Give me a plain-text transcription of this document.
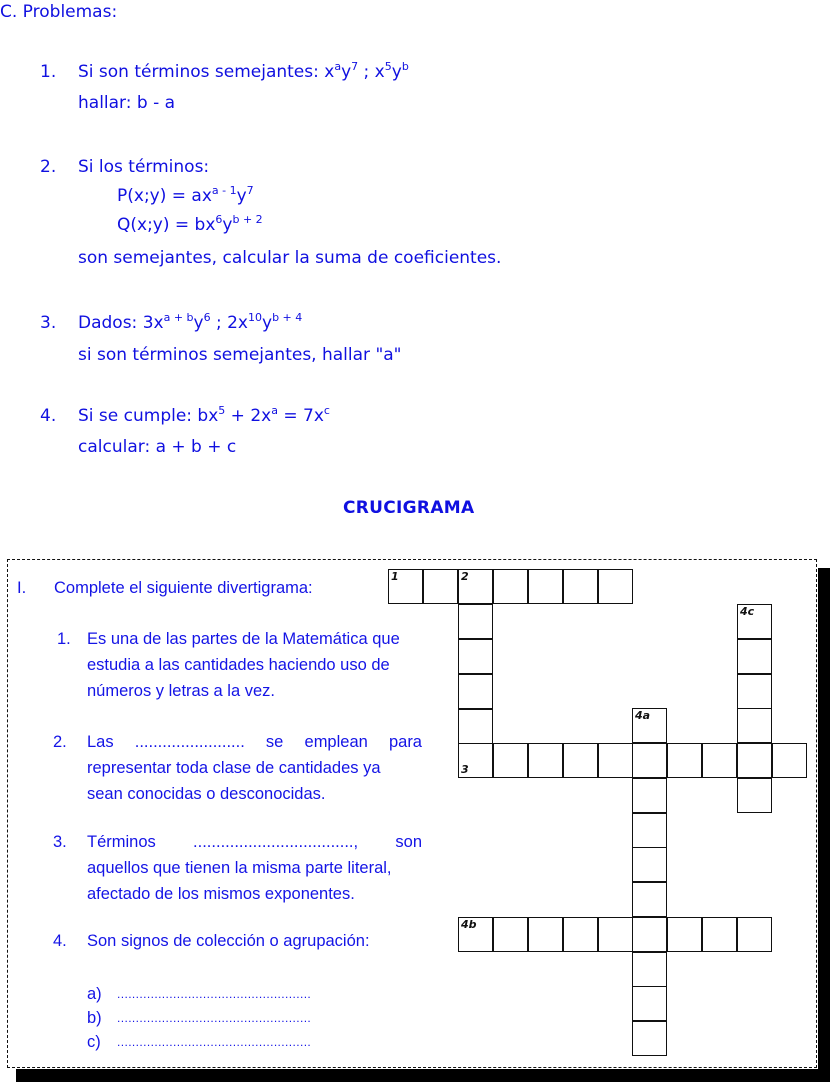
C. Problemas:
1. Si son términos semejantes: $x^ay^7$ ; $x^5y^b$
hallar: b - a
2. Si los términos:
P(x;y) = $ax^{a - 1}y^7$
Q(x;y) = $bx^6y^{b + 2}$
son semejantes, calcular la suma de coeficientes.
3. Dados: $3x^{a + b}y^6$ ; $2x^{10}y^{b + 4}$
si son términos semejantes, hallar "a"
4. Si se cumple: $bx^5 + 2x^a = 7x^c$
calcular: a + b + c
CRUCIGRAMA
I. Complete el siguiente divertigrama:
1. Es una de las partes de la Matemática que
estudia a las cantidades haciendo uso de
números y letras a la vez.
2. Las ........................ se emplean para
representar toda clase de cantidades ya
sean conocidas o desconocidas.
3. Términos ..................................., son
aquellos que tienen la misma parte literal,
afectado de los mismos exponentes.
4. Son signos de colección o agrupación:
a) ....................................................
b) ....................................................
c) ....................................................
1	2
3
4c
4a
4b
